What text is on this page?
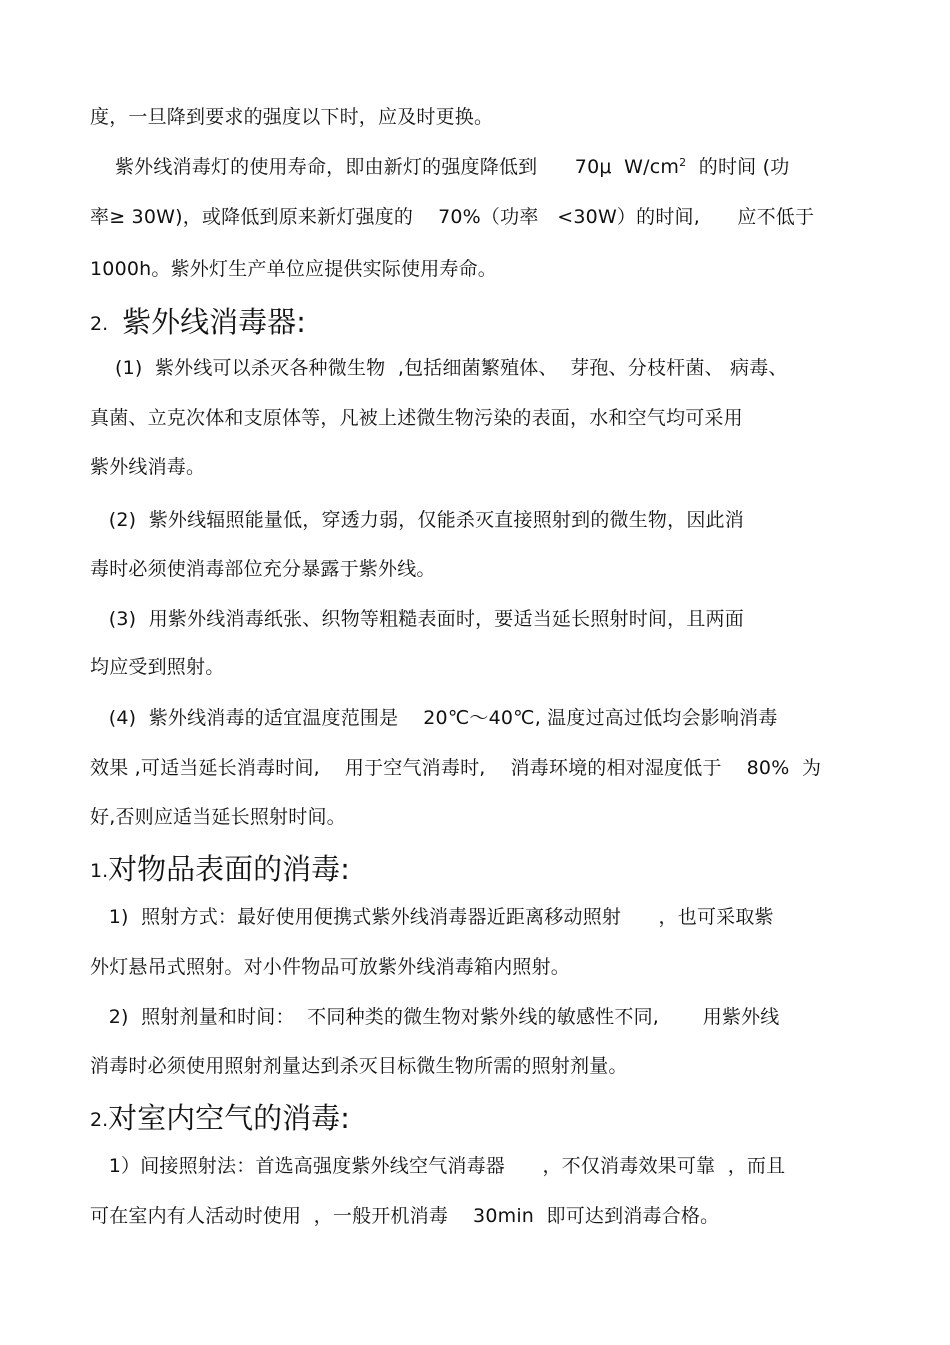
度，一旦降到要求的强度以下时，应及时更换。
紫外线消毒灯的使用寿命，即由新灯的强度降低到      70μ  $W/cm^2$  的时间 (功
率≥ 30W)，或降低到原来新灯强度的    70%（功率   <30W）的时间,      应不低于
1000h。紫外灯生产单位应提供实际使用寿命。
2. 紫外线消毒器:
(1)  紫外线可以杀灭各种微生物  ,包括细菌繁殖体、  芽孢、分枝杆菌、 病毒、
真菌、立克次体和支原体等，凡被上述微生物污染的表面，水和空气均可采用
紫外线消毒。
(2)  紫外线辐照能量低，穿透力弱，仅能杀灭直接照射到的微生物，因此消
毒时必须使消毒部位充分暴露于紫外线。
(3)  用紫外线消毒纸张、织物等粗糙表面时，要适当延长照射时间，且两面
均应受到照射。
(4)  紫外线消毒的适宜温度范围是    20℃～40℃, 温度过高过低均会影响消毒
效果 ,可适当延长消毒时间,    用于空气消毒时,    消毒环境的相对湿度低于    80%  为
好,否则应适当延长照射时间。
1.对物品表面的消毒:
1)  照射方式：最好使用便携式紫外线消毒器近距离移动照射      ，也可采取紫
外灯悬吊式照射。对小件物品可放紫外线消毒箱内照射。
2)  照射剂量和时间：  不同种类的微生物对紫外线的敏感性不同,       用紫外线
消毒时必须使用照射剂量达到杀灭目标微生物所需的照射剂量。
2.对室内空气的消毒:
1）间接照射法：首选高强度紫外线空气消毒器      ，不仅消毒效果可靠  ，而且
可在室内有人活动时使用  ，一般开机消毒    30min  即可达到消毒合格。
